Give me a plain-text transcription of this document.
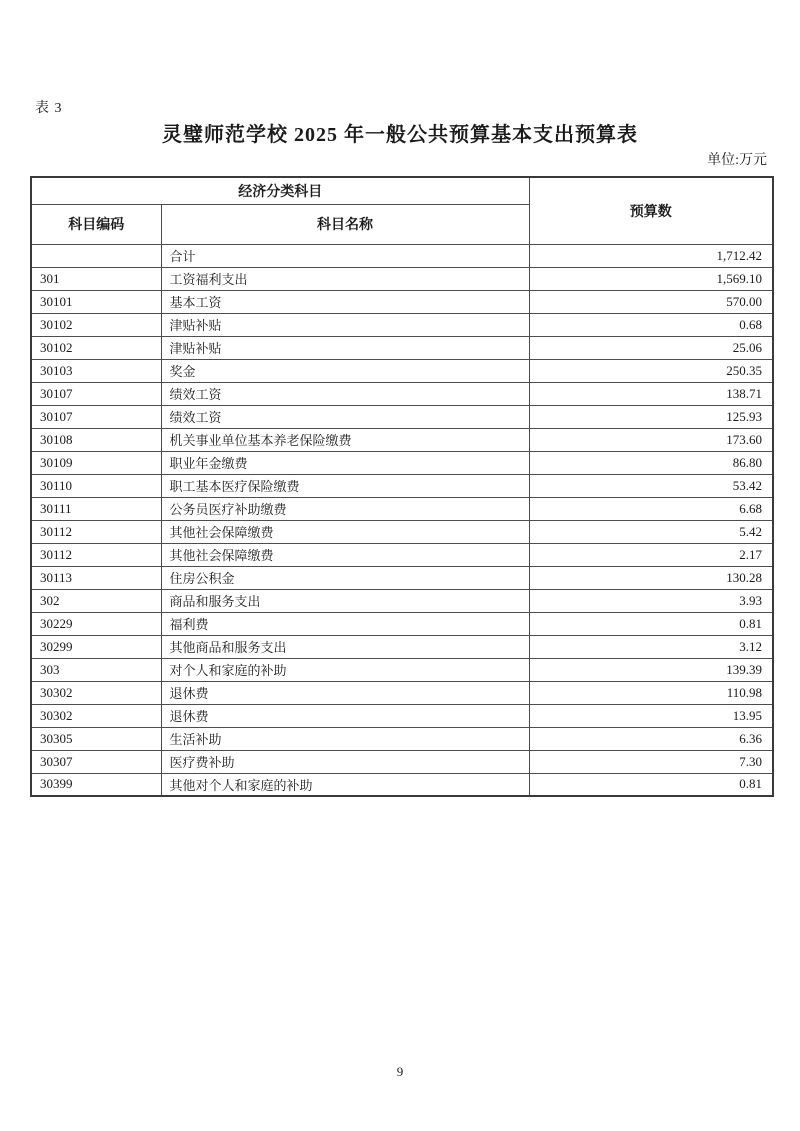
表 3
灵璧师范学校 2025 年一般公共预算基本支出预算表
单位:万元
经济分类科目		预算数
科目编码	科目名称	
	合计	1,712.42
301	工资福利支出	1,569.10
30101	基本工资	570.00
30102	津贴补贴	0.68
30102	津贴补贴	25.06
30103	奖金	250.35
30107	绩效工资	138.71
30107	绩效工资	125.93
30108	机关事业单位基本养老保险缴费	173.60
30109	职业年金缴费	86.80
30110	职工基本医疗保险缴费	53.42
30111	公务员医疗补助缴费	6.68
30112	其他社会保障缴费	5.42
30112	其他社会保障缴费	2.17
30113	住房公积金	130.28
302	商品和服务支出	3.93
30229	福利费	0.81
30299	其他商品和服务支出	3.12
303	对个人和家庭的补助	139.39
30302	退休费	110.98
30302	退休费	13.95
30305	生活补助	6.36
30307	医疗费补助	7.30
30399	其他对个人和家庭的补助	0.81
9
